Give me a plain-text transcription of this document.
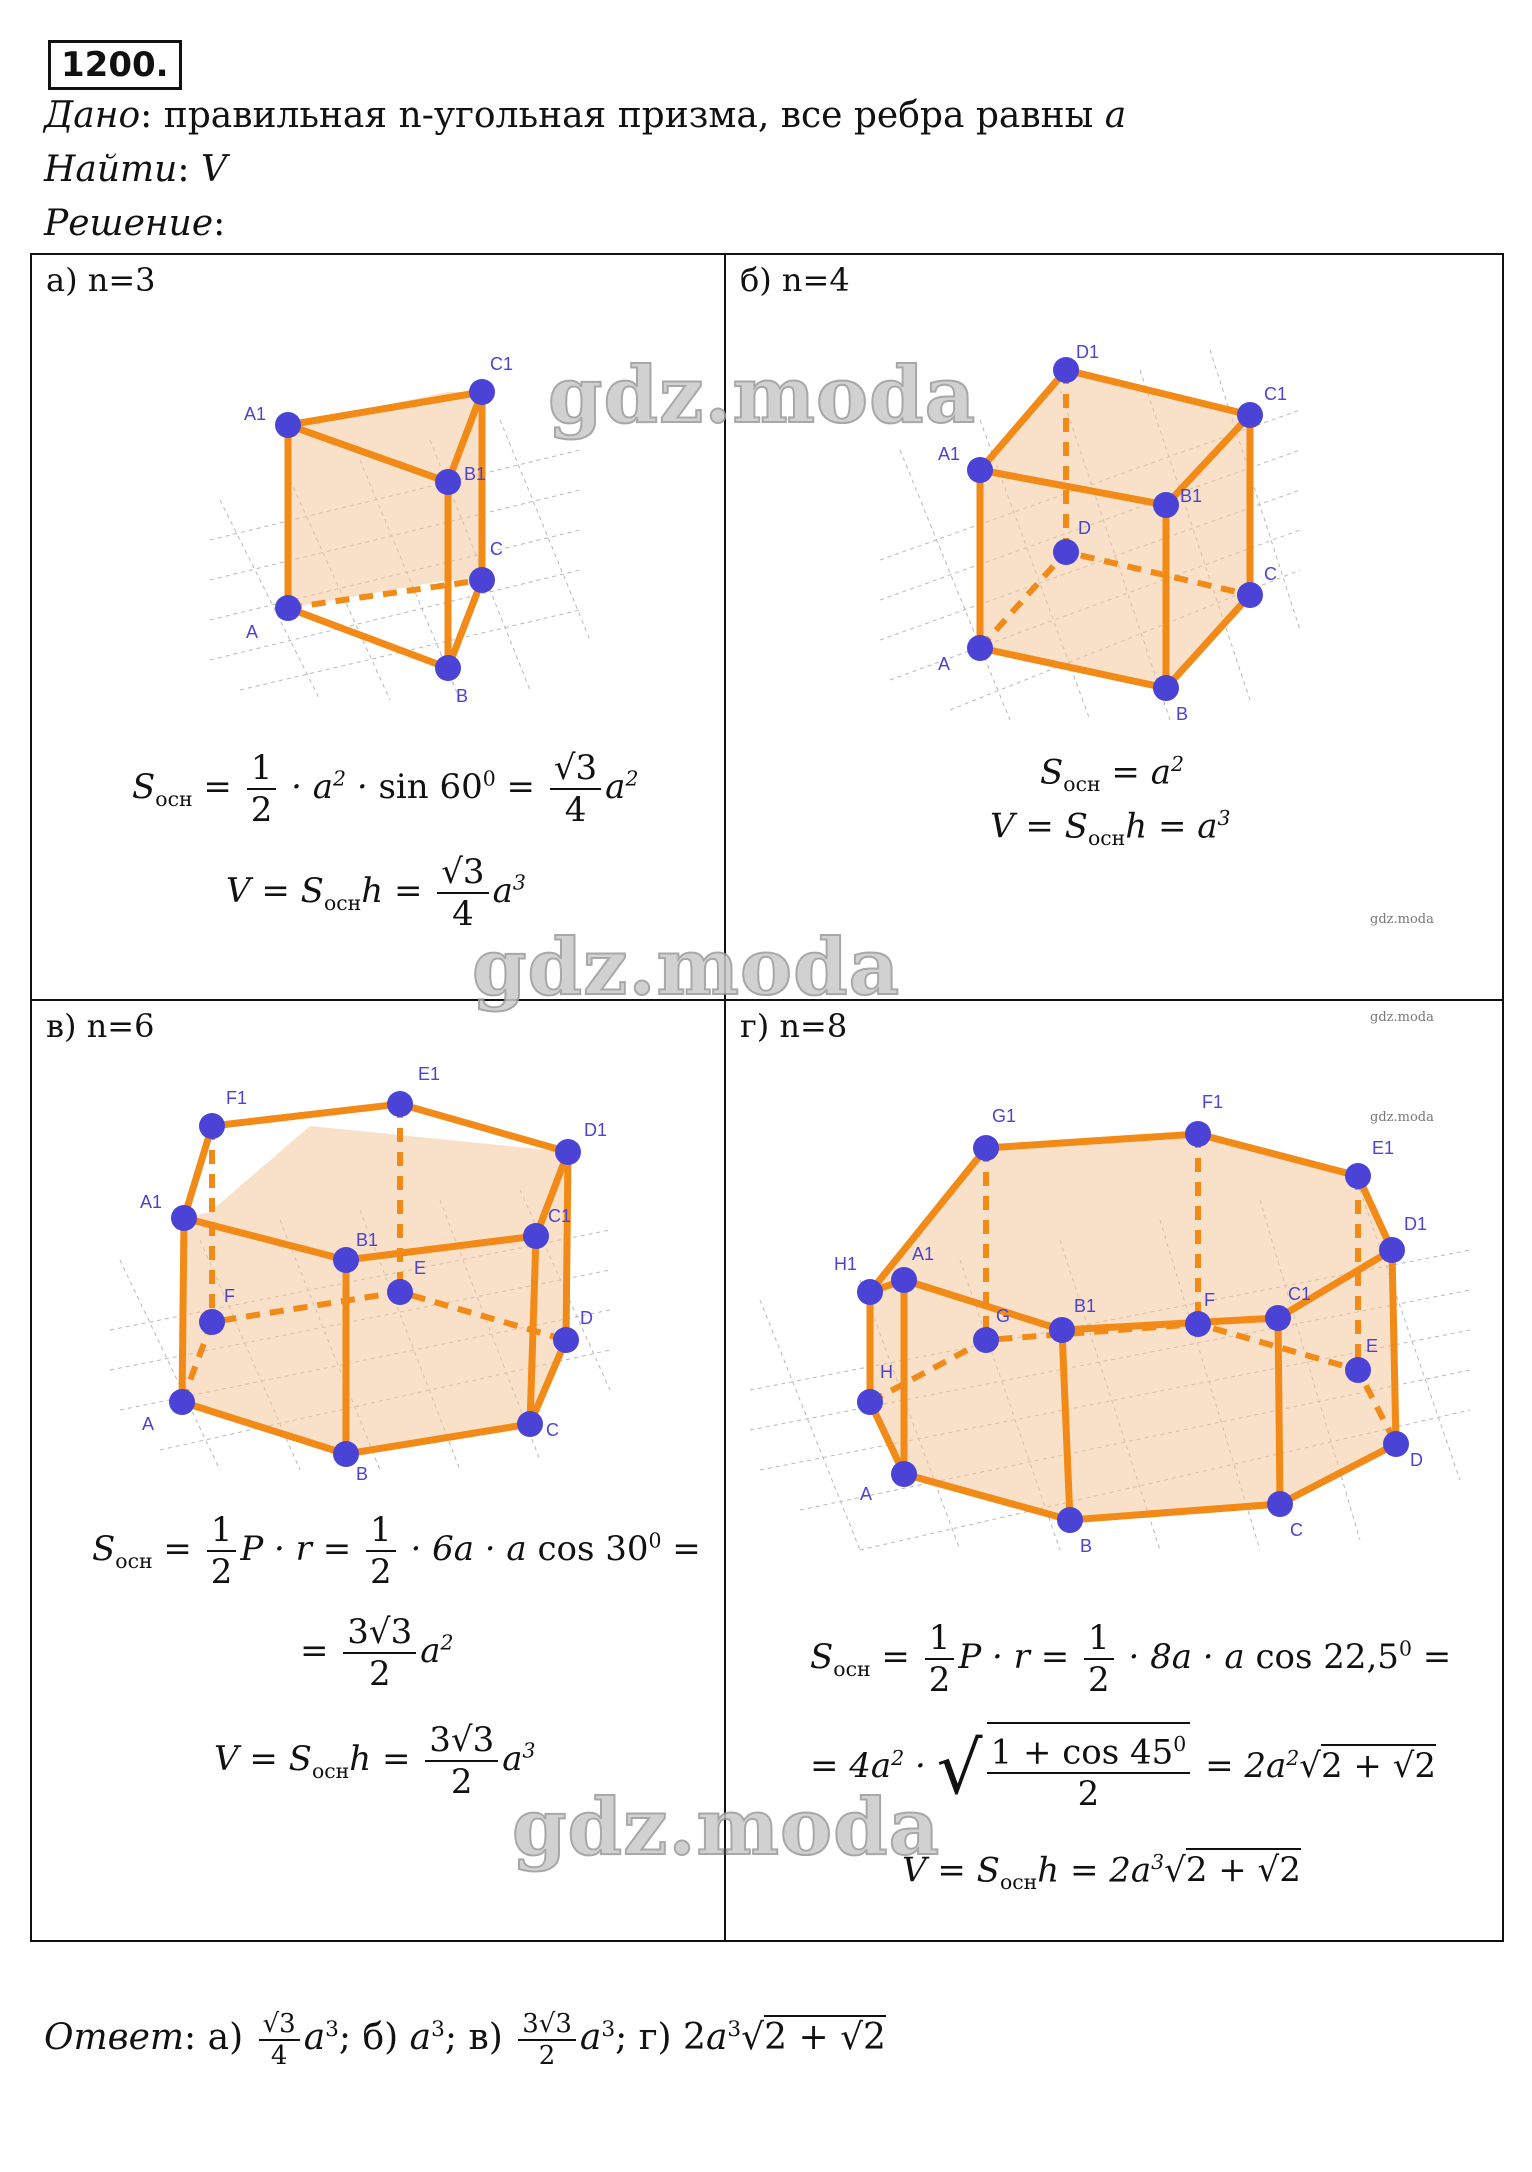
1200.
Дано: правильная n-угольная призма, все ребра равны a
Найти: V
Решение:
а) n=3	б) n=4
в) n=6	г) n=8
A1
C1
B1
C
A
B
$S_{осн} = \frac{1}{2} \cdot a^2 \cdot \sin 60^0 = \frac{√3}{4} a^2$
$V = S_{осн}h = \frac{√3}{4} a^3$
D1
C1
A1
B1
D
C
A
B
$S_{осн} = a^2$
$V = S_{осн}h = a^3$
gdz.moda
E1
F1
D1
A1
B1
C1
F
E
D
A	C
B
$S_{осн} = \frac{1}{2}$ $P \cdot r = \frac{1}{2} \cdot 6a \cdot a$ $\cos 30^0$ =
= $\frac{3√3}{2} a^2$
$V = S_{осн}h = \frac{3√3}{2} a^3$
F1
G1
E1
H1
D1
A1
B1
C1
G
F
E
H
D
A
C
B
gdz.moda
gdz.moda
$S_{осн} = \frac{1}{2}$ $P \cdot r = \frac{1}{2} \cdot 8a \cdot a$ $\cos 22,5^0$ =
= $4a^2$ · √ $\frac{1 + \cos 45^0}{2} = 2a^2√2 + √2$
$V = S_{осн}h = 2a^3√2 + √2$
gdz.moda
gdz.moda
gdz.moda
Ответ: $а) \frac{√3}{4} a^3$; б) $a^3$; $в) \frac{3√3}{2} a^3$; г) $2a^3√2 + √2$
